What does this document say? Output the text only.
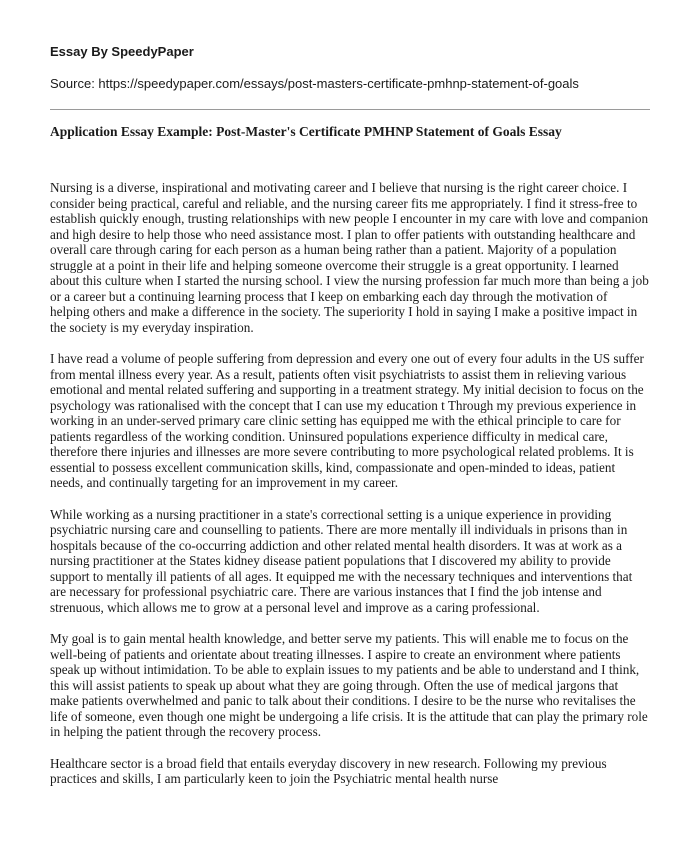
Essay By SpeedyPaper
Source: https://speedypaper.com/essays/post-masters-certificate-pmhnp-statement-of-goals
Application Essay Example: Post-Master's Certificate PMHNP Statement of Goals Essay

Nursing is a diverse, inspirational and motivating career and I believe that nursing is the right career choice. I consider being practical, careful and reliable, and the nursing career fits me appropriately. I find it stress-free to establish quickly enough, trusting relationships with new people I encounter in my care with love and companion and high desire to help those who need assistance most. I plan to offer patients with outstanding healthcare and overall care through caring for each person as a human being rather than a patient. Majority of a population struggle at a point in their life and helping someone overcome their struggle is a great opportunity. I learned about this culture when I started the nursing school. I view the nursing profession far much more than being a job or a career but a continuing learning process that I keep on embarking each day through the motivation of helping others and make a difference in the society. The superiority I hold in saying I make a positive impact in the society is my everyday inspiration.

I have read a volume of people suffering from depression and every one out of every four adults in the US suffer from mental illness every year. As a result, patients often visit psychiatrists to assist them in relieving various emotional and mental related suffering and supporting in a treatment strategy. My initial decision to focus on the psychology was rationalised with the concept that I can use my education t Through my previous experience in working in an under-served primary care clinic setting has equipped me with the ethical principle to care for patients regardless of the working condition. Uninsured populations experience difficulty in medical care, therefore there injuries and illnesses are more severe contributing to more psychological related problems. It is essential to possess excellent communication skills, kind, compassionate and open-minded to ideas, patient needs, and continually targeting for an improvement in my career.

While working as a nursing practitioner in a state's correctional setting is a unique experience in providing psychiatric nursing care and counselling to patients. There are more mentally ill individuals in prisons than in hospitals because of the co-occurring addiction and other related mental health disorders. It was at work as a nursing practitioner at the States kidney disease patient populations that I discovered my ability to provide support to mentally ill patients of all ages. It equipped me with the necessary techniques and interventions that are necessary for professional psychiatric care. There are various instances that I find the job intense and strenuous, which allows me to grow at a personal level and improve as a caring professional.

My goal is to gain mental health knowledge, and better serve my patients. This will enable me to focus on the well-being of patients and orientate about treating illnesses. I aspire to create an environment where patients speak up without intimidation. To be able to explain issues to my patients and be able to understand and I think, this will assist patients to speak up about what they are going through. Often the use of medical jargons that make patients overwhelmed and panic to talk about their conditions. I desire to be the nurse who revitalises the life of someone, even though one might be undergoing a life crisis. It is the attitude that can play the primary role in helping the patient through the recovery process.

Healthcare sector is a broad field that entails everyday discovery in new research. Following my previous practices and skills, I am particularly keen to join the Psychiatric mental health nurse
